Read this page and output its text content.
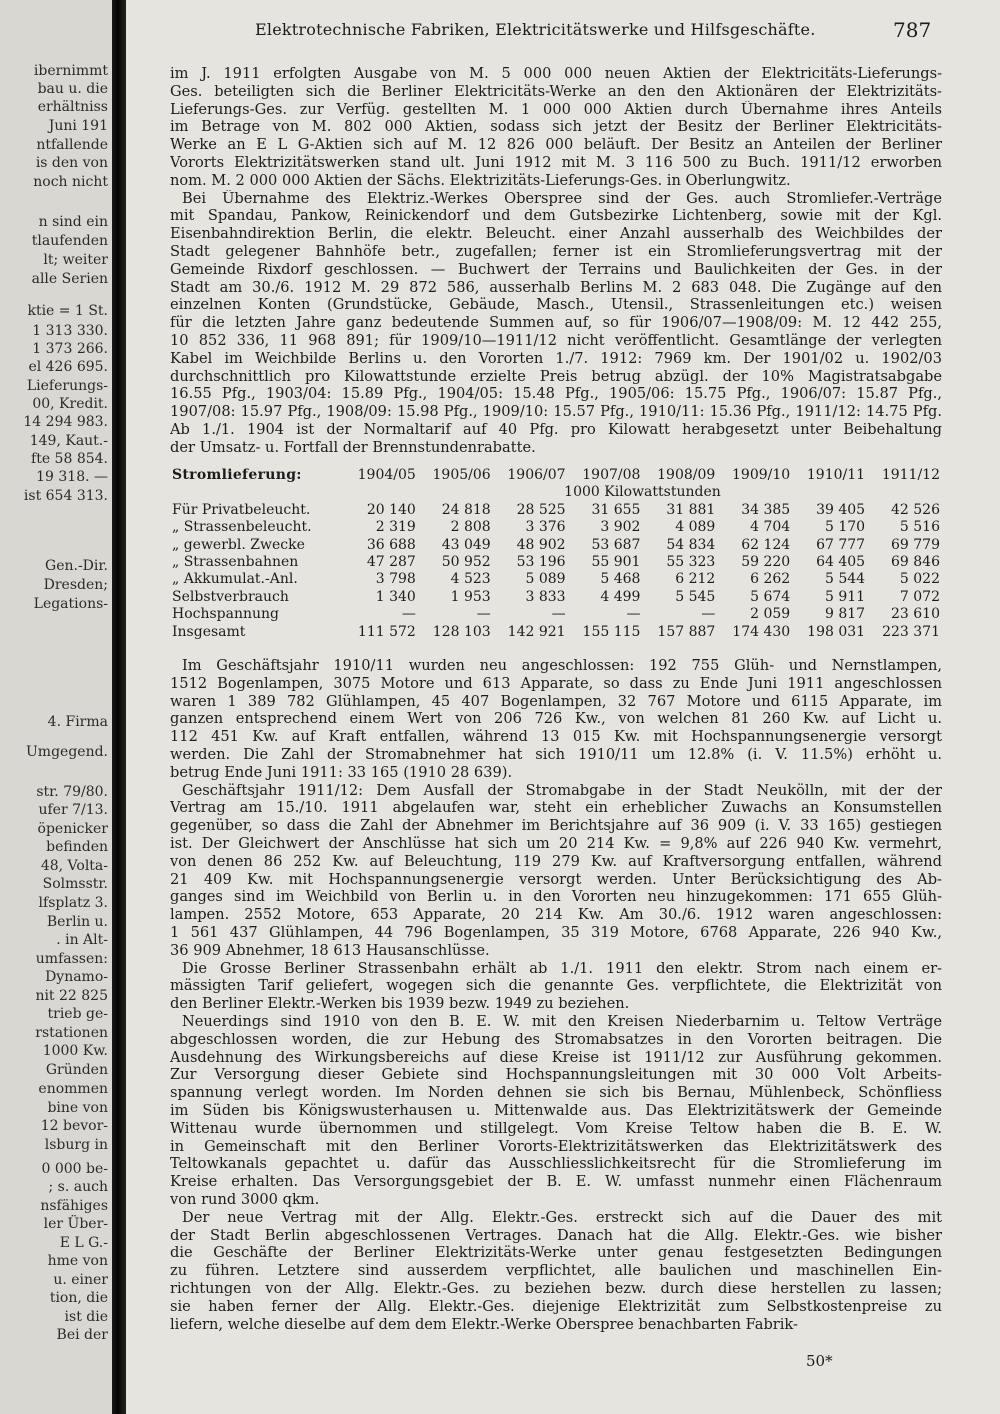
ibernimmt
bau u. die
erhältniss
Juni 191
ntfallende
is den von
noch nicht
n sind ein
tlaufenden
lt; weiter
alle Serien
ktie = 1 St.
1 313 330.
1 373 266.
el 426 695.
Lieferungs-
00, Kredit.
14 294 983.
149, Kaut.-
fte 58 854.
19 318. —
ist 654 313.
Gen.-Dir.
Dresden;
Legations-
4. Firma
Umgegend.
str. 79/80.
ufer 7/13.
öpenicker
befinden
48, Volta-
Solmsstr.
lfsplatz 3.
Berlin u.
. in Alt-
umfassen:
Dynamo-
nit 22 825
trieb ge-
rstationen
1000 Kw.
Gründen
enommen
bine von
12 bevor-
lsburg in
0 000 be-
; s. auch
nsfähiges
ler Über-
E L G.-
hme von
u. einer
tion, die
ist die
Bei der
Elektrotechnische Fabriken, Elektricitätswerke und Hilfsgeschäfte.	787
im J. 1911 erfolgten Ausgabe von M. 5 000 000 neuen Aktien der Elektricitäts-Lieferungs-
Ges. beteiligten sich die Berliner Elektricitäts-Werke an den den Aktionären der Elektrizitäts-
Lieferungs-Ges. zur Verfüg. gestellten M. 1 000 000 Aktien durch Übernahme ihres Anteils
im Betrage von M. 802 000 Aktien, sodass sich jetzt der Besitz der Berliner Elektricitäts-
Werke an E L G-Aktien sich auf M. 12 826 000 beläuft. Der Besitz an Anteilen der Berliner
Vororts Elektrizitätswerken stand ult. Juni 1912 mit M. 3 116 500 zu Buch. 1911/12 erworben
nom. M. 2 000 000 Aktien der Sächs. Elektrizitäts-Lieferungs-Ges. in Oberlungwitz.
Bei Übernahme des Elektriz.-Werkes Oberspree sind der Ges. auch Stromliefer.-Verträge
mit Spandau, Pankow, Reinickendorf und dem Gutsbezirke Lichtenberg, sowie mit der Kgl.
Eisenbahndirektion Berlin, die elektr. Beleucht. einer Anzahl ausserhalb des Weichbildes der
Stadt gelegener Bahnhöfe betr., zugefallen; ferner ist ein Stromlieferungsvertrag mit der
Gemeinde Rixdorf geschlossen. — Buchwert der Terrains und Baulichkeiten der Ges. in der
Stadt am 30./6. 1912 M. 29 872 586, ausserhalb Berlins M. 2 683 048. Die Zugänge auf den
einzelnen Konten (Grundstücke, Gebäude, Masch., Utensil., Strassenleitungen etc.) weisen
für die letzten Jahre ganz bedeutende Summen auf, so für 1906/07—1908/09: M. 12 442 255,
10 852 336, 11 968 891; für 1909/10—1911/12 nicht veröffentlicht. Gesamtlänge der verlegten
Kabel im Weichbilde Berlins u. den Vororten 1./7. 1912: 7969 km. Der 1901/02 u. 1902/03
durchschnittlich pro Kilowattstunde erzielte Preis betrug abzügl. der 10% Magistratsabgabe
16.55 Pfg., 1903/04: 15.89 Pfg., 1904/05: 15.48 Pfg., 1905/06: 15.75 Pfg., 1906/07: 15.87 Pfg.,
1907/08: 15.97 Pfg., 1908/09: 15.98 Pfg., 1909/10: 15.57 Pfg., 1910/11: 15.36 Pfg., 1911/12: 14.75 Pfg.
Ab 1./1. 1904 ist der Normaltarif auf 40 Pfg. pro Kilowatt herabgesetzt unter Beibehaltung
der Umsatz- u. Fortfall der Brennstundenrabatte.
Stromlieferung:	1904/05	1905/06	1906/07	1907/08	1908/09	1909/10	1910/11	1911/12
	1000 Kilowattstunden							
Für Privatbeleucht.	20 140	24 818	28 525	31 655	31 881	34 385	39 405	42 526
„ Strassenbeleucht.	2 319	2 808	3 376	3 902	4 089	4 704	5 170	5 516
„ gewerbl. Zwecke	36 688	43 049	48 902	53 687	54 834	62 124	67 777	69 779
„ Strassenbahnen	47 287	50 952	53 196	55 901	55 323	59 220	64 405	69 846
„ Akkumulat.-Anl.	3 798	4 523	5 089	5 468	6 212	6 262	5 544	5 022
Selbstverbrauch	1 340	1 953	3 833	4 499	5 545	5 674	5 911	7 072
Hochspannung	—	—	—	—	—	2 059	9 817	23 610
Insgesamt	111 572	128 103	142 921	155 115	157 887	174 430	198 031	223 371
Im Geschäftsjahr 1910/11 wurden neu angeschlossen: 192 755 Glüh- und Nernstlampen,
1512 Bogenlampen, 3075 Motore und 613 Apparate, so dass zu Ende Juni 1911 angeschlossen
waren 1 389 782 Glühlampen, 45 407 Bogenlampen, 32 767 Motore und 6115 Apparate, im
ganzen entsprechend einem Wert von 206 726 Kw., von welchen 81 260 Kw. auf Licht u.
112 451 Kw. auf Kraft entfallen, während 13 015 Kw. mit Hochspannungsenergie versorgt
werden. Die Zahl der Stromabnehmer hat sich 1910/11 um 12.8% (i. V. 11.5%) erhöht u.
betrug Ende Juni 1911: 33 165 (1910 28 639).
Geschäftsjahr 1911/12: Dem Ausfall der Stromabgabe in der Stadt Neukölln, mit der der
Vertrag am 15./10. 1911 abgelaufen war, steht ein erheblicher Zuwachs an Konsumstellen
gegenüber, so dass die Zahl der Abnehmer im Berichtsjahre auf 36 909 (i. V. 33 165) gestiegen
ist. Der Gleichwert der Anschlüsse hat sich um 20 214 Kw. = 9,8% auf 226 940 Kw. vermehrt,
von denen 86 252 Kw. auf Beleuchtung, 119 279 Kw. auf Kraftversorgung entfallen, während
21 409 Kw. mit Hochspannungsenergie versorgt werden. Unter Berücksichtigung des Ab-
ganges sind im Weichbild von Berlin u. in den Vororten neu hinzugekommen: 171 655 Glüh-
lampen. 2552 Motore, 653 Apparate, 20 214 Kw. Am 30./6. 1912 waren angeschlossen:
1 561 437 Glühlampen, 44 796 Bogenlampen, 35 319 Motore, 6768 Apparate, 226 940 Kw.,
36 909 Abnehmer, 18 613 Hausanschlüsse.
Die Grosse Berliner Strassenbahn erhält ab 1./1. 1911 den elektr. Strom nach einem er-
mässigten Tarif geliefert, wogegen sich die genannte Ges. verpflichtete, die Elektrizität von
den Berliner Elektr.-Werken bis 1939 bezw. 1949 zu beziehen.
Neuerdings sind 1910 von den B. E. W. mit den Kreisen Niederbarnim u. Teltow Verträge
abgeschlossen worden, die zur Hebung des Stromabsatzes in den Vororten beitragen. Die
Ausdehnung des Wirkungsbereichs auf diese Kreise ist 1911/12 zur Ausführung gekommen.
Zur Versorgung dieser Gebiete sind Hochspannungsleitungen mit 30 000 Volt Arbeits-
spannung verlegt worden. Im Norden dehnen sie sich bis Bernau, Mühlenbeck, Schönfliess
im Süden bis Königswusterhausen u. Mittenwalde aus. Das Elektrizitätswerk der Gemeinde
Wittenau wurde übernommen und stillgelegt. Vom Kreise Teltow haben die B. E. W.
in Gemeinschaft mit den Berliner Vororts-Elektrizitätswerken das Elektrizitätswerk des
Teltowkanals gepachtet u. dafür das Ausschliesslichkeitsrecht für die Stromlieferung im
Kreise erhalten. Das Versorgungsgebiet der B. E. W. umfasst nunmehr einen Flächenraum
von rund 3000 qkm.
Der neue Vertrag mit der Allg. Elektr.-Ges. erstreckt sich auf die Dauer des mit
der Stadt Berlin abgeschlossenen Vertrages. Danach hat die Allg. Elektr.-Ges. wie bisher
die Geschäfte der Berliner Elektrizitäts-Werke unter genau festgesetzten Bedingungen
zu führen. Letztere sind ausserdem verpflichtet, alle baulichen und maschinellen Ein-
richtungen von der Allg. Elektr.-Ges. zu beziehen bezw. durch diese herstellen zu lassen;
sie haben ferner der Allg. Elektr.-Ges. diejenige Elektrizität zum Selbstkostenpreise zu
liefern, welche dieselbe auf dem dem Elektr.-Werke Oberspree benachbarten Fabrik-
50*
